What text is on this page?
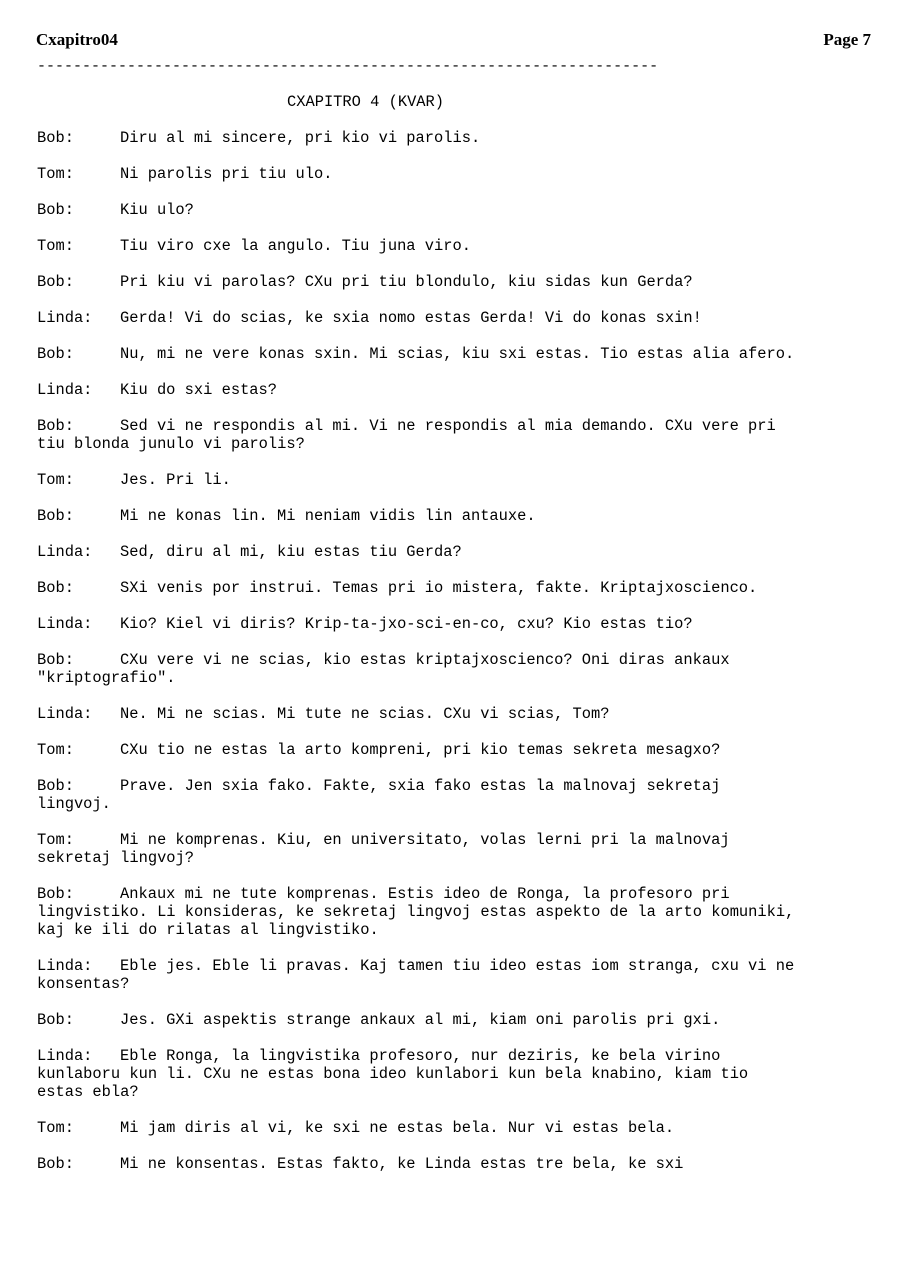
Cxapitro04	Page 7
---------------------------------------------------------------------
CXAPITRO 4 (KVAR)
Bob:	Diru al mi sincere, pri kio vi parolis.
Tom:	Ni parolis pri tiu ulo.
Bob:	Kiu ulo?
Tom:	Tiu viro cxe la angulo. Tiu juna viro.
Bob:	Pri kiu vi parolas? CXu pri tiu blondulo, kiu sidas kun Gerda?
Linda: Gerda! Vi do scias, ke sxia nomo estas Gerda! Vi do konas sxin!
Bob:	Nu, mi ne vere konas sxin. Mi scias, kiu sxi estas. Tio estas alia afero.
Linda: Kiu do sxi estas?
Bob:	Sed vi ne respondis al mi. Vi ne respondis al mia demando. CXu vere pri tiu blonda junulo vi parolis?
Tom:	Jes. Pri li.
Bob:	Mi ne konas lin. Mi neniam vidis lin antauxe.
Linda: Sed, diru al mi, kiu estas tiu Gerda?
Bob:	SXi venis por instrui. Temas pri io mistera, fakte. Kriptajxoscienco.
Linda: Kio? Kiel vi diris? Krip-ta-jxo-sci-en-co, cxu? Kio estas tio?
Bob:	CXu vere vi ne scias, kio estas kriptajxoscienco? Oni diras ankaux "kriptografio".
Linda: Ne. Mi ne scias. Mi tute ne scias. CXu vi scias, Tom?
Tom:	CXu tio ne estas la arto kompreni, pri kio temas sekreta mesagxo?
Bob:	Prave. Jen sxia fako. Fakte, sxia fako estas la malnovaj sekretaj lingvoj.
Tom:	Mi ne komprenas. Kiu, en universitato, volas lerni pri la malnovaj sekretaj lingvoj?
Bob:	Ankaux mi ne tute komprenas. Estis ideo de Ronga, la profesoro pri lingvistiko. Li konsideras, ke sekretaj lingvoj estas aspekto de la arto komuniki, kaj ke ili do rilatas al lingvistiko.
Linda: Eble jes. Eble li pravas. Kaj tamen tiu ideo estas iom stranga, cxu vi ne konsentas?
Bob:	Jes. GXi aspektis strange ankaux al mi, kiam oni parolis pri gxi.
Linda: Eble Ronga, la lingvistika profesoro, nur deziris, ke bela virino kunlaboru kun li. CXu ne estas bona ideo kunlabori kun bela knabino, kiam tio estas ebla?
Tom:	Mi jam diris al vi, ke sxi ne estas bela. Nur vi estas bela.
Bob:	Mi ne konsentas. Estas fakto, ke Linda estas tre bela, ke sxi
